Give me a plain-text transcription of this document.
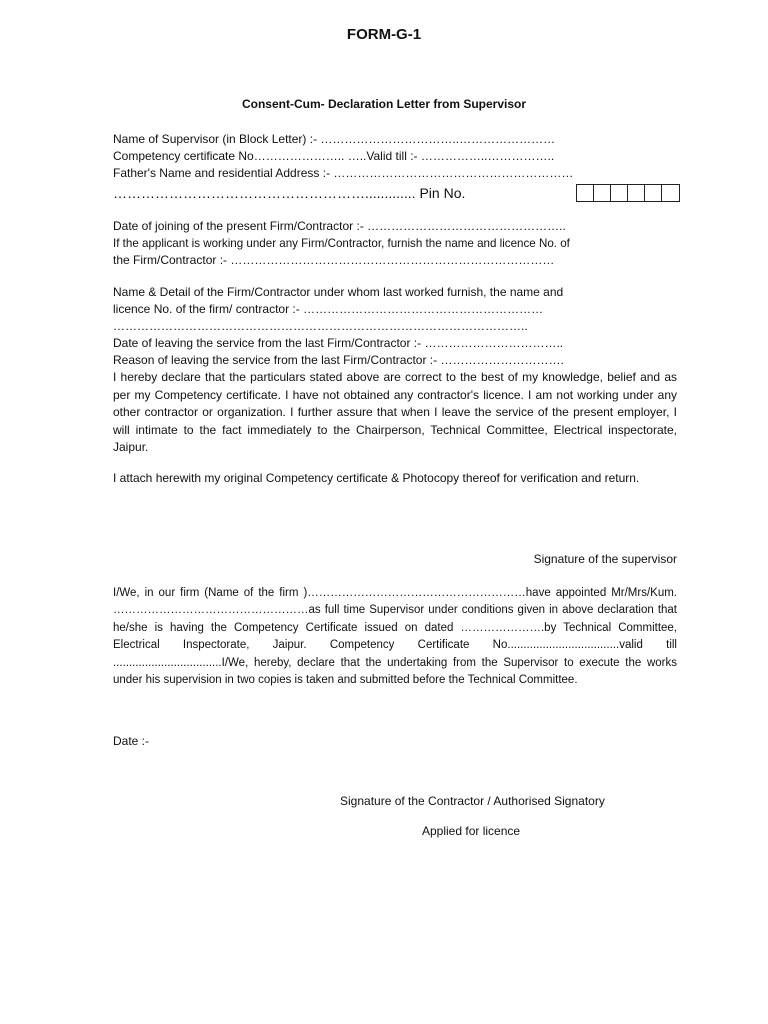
FORM-G-1
Consent-Cum- Declaration Letter from Supervisor
Name of Supervisor (in Block Letter) :- ……………………………..……………………
Competency certificate No………………….. …..Valid till :- ……………..……………..
Father's Name and residential Address :- ……………………………………………………
………………………………………………............. Pin No.
Date of joining of the present Firm/Contractor :- …………………………………………..
If the applicant is working under any Firm/Contractor, furnish the name and licence No. of
the Firm/Contractor :- ………………………………………………………………………
Name & Detail of the Firm/Contractor under whom last worked furnish, the name and
licence No. of the firm/ contractor :- ……………………………………………………
…………………………………………………………………………………………..
Date of leaving the service from the last Firm/Contractor :- ……………………………..
Reason of leaving the service from the last Firm/Contractor :- ………………………….
I hereby declare that the particulars stated above are correct to the best of my knowledge, belief and as per my Competency certificate. I have not obtained any contractor's licence. I am not working under any other contractor or organization. I further assure that when I leave the service of the present employer, I will intimate to the fact immediately to the Chairperson, Technical Committee, Electrical inspectorate, Jaipur.
I attach herewith my original Competency certificate & Photocopy thereof for verification and return.
Signature of the supervisor
I/We, in our firm (Name of the firm )…………………………………………………have appointed Mr/Mrs/Kum. ……………………………………………as full time Supervisor under conditions given in above declaration that he/she is having the Competency Certificate issued on dated ………………….by Technical Committee, Electrical Inspectorate, Jaipur. Competency Certificate No...................................valid till ..................................I/We, hereby, declare that the undertaking from the Supervisor to execute the works under his supervision in two copies is taken and submitted before the Technical Committee.
Date :-
Signature of the Contractor / Authorised Signatory
Applied for licence
